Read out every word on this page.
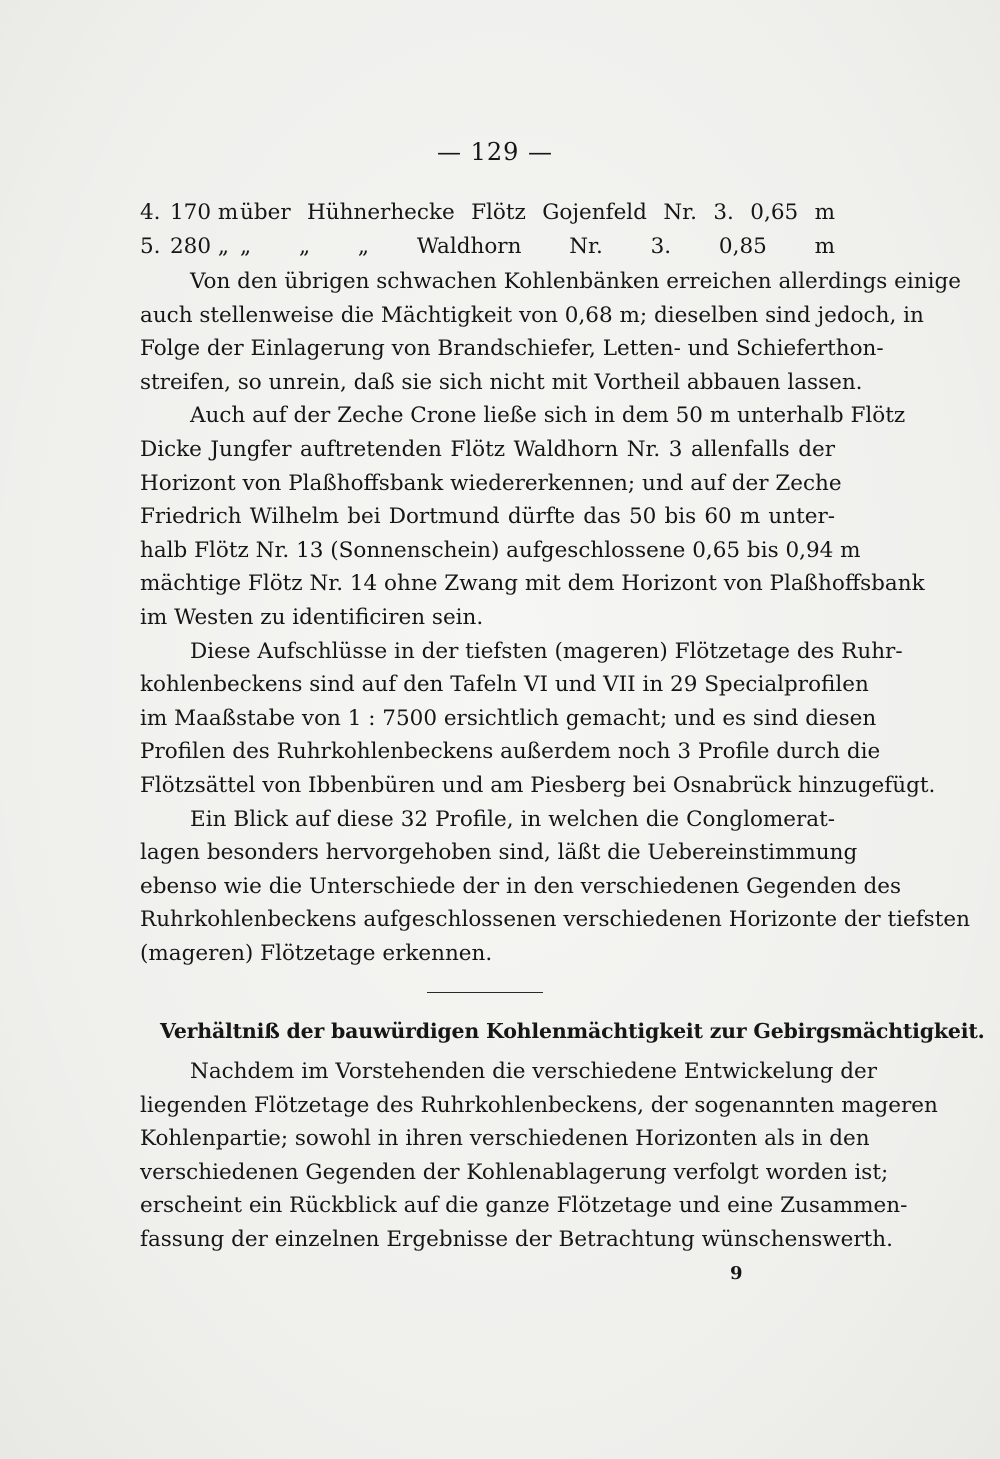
— 129 —
4. 170 m über Hühnerhecke Flötz Gojenfeld Nr. 3. 0,65 m
5. 280 „ „ „ „ Waldhorn Nr. 3. 0,85 m
Von den übrigen schwachen Kohlenbänken erreichen allerdings einige
auch stellenweise die Mächtigkeit von 0,68 m; dieselben sind jedoch, in
Folge der Einlagerung von Brandschiefer, Letten- und Schieferthon-
streifen, so unrein, daß sie sich nicht mit Vortheil abbauen lassen.
Auch auf der Zeche Crone ließe sich in dem 50 m unterhalb Flötz
Dicke Jungfer auftretenden Flötz Waldhorn Nr. 3 allenfalls der
Horizont von Plaßhoffsbank wiedererkennen; und auf der Zeche
Friedrich Wilhelm bei Dortmund dürfte das 50 bis 60 m unter-
halb Flötz Nr. 13 (Sonnenschein) aufgeschlossene 0,65 bis 0,94 m
mächtige Flötz Nr. 14 ohne Zwang mit dem Horizont von Plaßhoffsbank
im Westen zu identificiren sein.
Diese Aufschlüsse in der tiefsten (mageren) Flötzetage des Ruhr-
kohlenbeckens sind auf den Tafeln VI und VII in 29 Specialprofilen
im Maaßstabe von 1 : 7500 ersichtlich gemacht; und es sind diesen
Profilen des Ruhrkohlenbeckens außerdem noch 3 Profile durch die
Flötzsättel von Ibbenbüren und am Piesberg bei Osnabrück hinzugefügt.
Ein Blick auf diese 32 Profile, in welchen die Conglomerat-
lagen besonders hervorgehoben sind, läßt die Uebereinstimmung
ebenso wie die Unterschiede der in den verschiedenen Gegenden des
Ruhrkohlenbeckens aufgeschlossenen verschiedenen Horizonte der tiefsten
(mageren) Flötzetage erkennen.
Verhältniß der bauwürdigen Kohlenmächtigkeit zur Gebirgsmächtigkeit.
Nachdem im Vorstehenden die verschiedene Entwickelung der
liegenden Flötzetage des Ruhrkohlenbeckens, der sogenannten mageren
Kohlenpartie; sowohl in ihren verschiedenen Horizonten als in den
verschiedenen Gegenden der Kohlenablagerung verfolgt worden ist;
erscheint ein Rückblick auf die ganze Flötzetage und eine Zusammen-
fassung der einzelnen Ergebnisse der Betrachtung wünschenswerth.
9
